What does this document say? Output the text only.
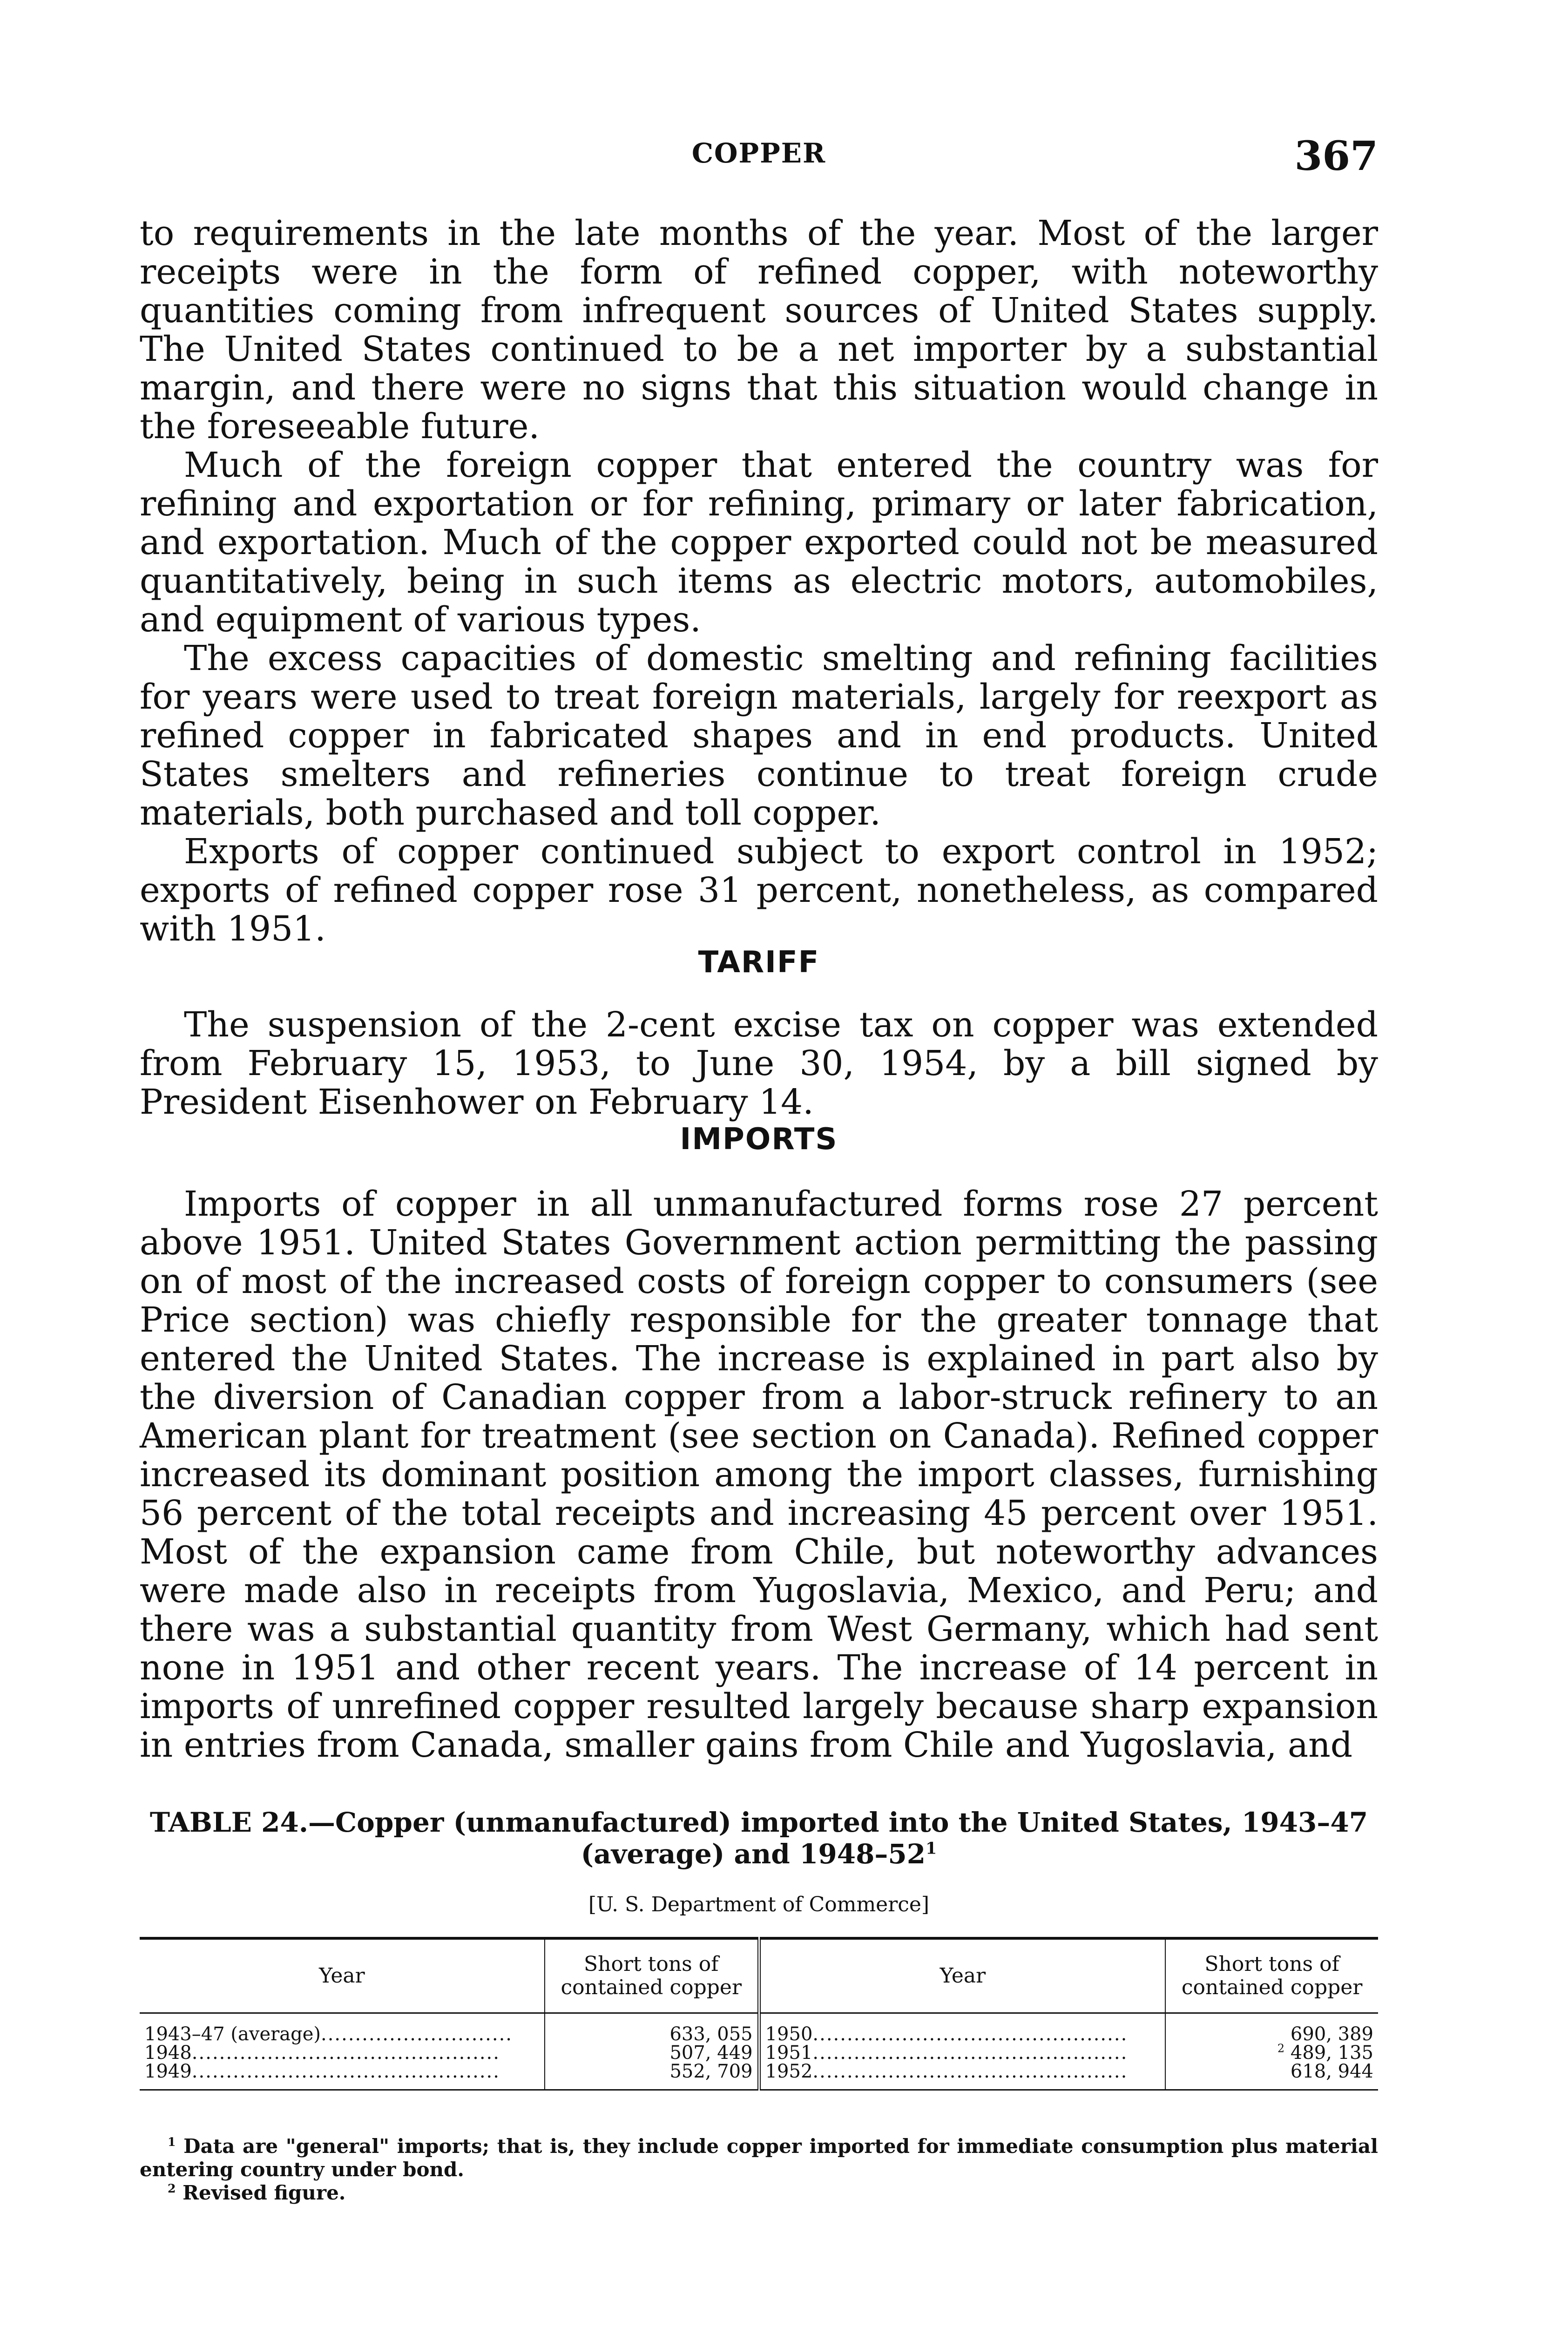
COPPER	367

to requirements in the late months of the year. Most of the larger receipts were in the form of refined copper, with noteworthy quantities coming from infrequent sources of United States supply. The United States continued to be a net importer by a substantial margin, and there were no signs that this situation would change in the foreseeable future.

Much of the foreign copper that entered the country was for refining and exportation or for refining, primary or later fabrication, and exportation. Much of the copper exported could not be measured quantitatively, being in such items as electric motors, automobiles, and equipment of various types.

The excess capacities of domestic smelting and refining facilities for years were used to treat foreign materials, largely for reexport as refined copper in fabricated shapes and in end products. United States smelters and refineries continue to treat foreign crude materials, both purchased and toll copper.

Exports of copper continued subject to export control in 1952; exports of refined copper rose 31 percent, nonetheless, as compared with 1951.

TARIFF

The suspension of the 2-cent excise tax on copper was extended from February 15, 1953, to June 30, 1954, by a bill signed by President Eisenhower on February 14.

IMPORTS

Imports of copper in all unmanufactured forms rose 27 percent above 1951. United States Government action permitting the passing on of most of the increased costs of foreign copper to consumers (see Price section) was chiefly responsible for the greater tonnage that entered the United States. The increase is explained in part also by the diversion of Canadian copper from a labor-struck refinery to an American plant for treatment (see section on Canada). Refined copper increased its dominant position among the import classes, furnishing 56 percent of the total receipts and increasing 45 percent over 1951. Most of the expansion came from Chile, but noteworthy advances were made also in receipts from Yugoslavia, Mexico, and Peru; and there was a substantial quantity from West Germany, which had sent none in 1951 and other recent years. The increase of 14 percent in imports of unrefined copper resulted largely because sharp expansion in entries from Canada, smaller gains from Chile and Yugoslavia, and

TABLE 24.—Copper (unmanufactured) imported into the United States, 1943–47 (average) and $1948-52^1$
[U. S. Department of Commerce]
Year	Short tons of contained copper	Year	Short tons of contained copper
1943–47 (average)............................	633, 055	1950..............................................	690, 389
1948.............................................	507, 449	1951..............................................	$^2$ 489, 135
1949.............................................	552, 709	1952..............................................	618, 944

$^1$ Data are "general" imports; that is, they include copper imported for immediate consumption plus material entering country under bond.

$^2$ Revised figure.
